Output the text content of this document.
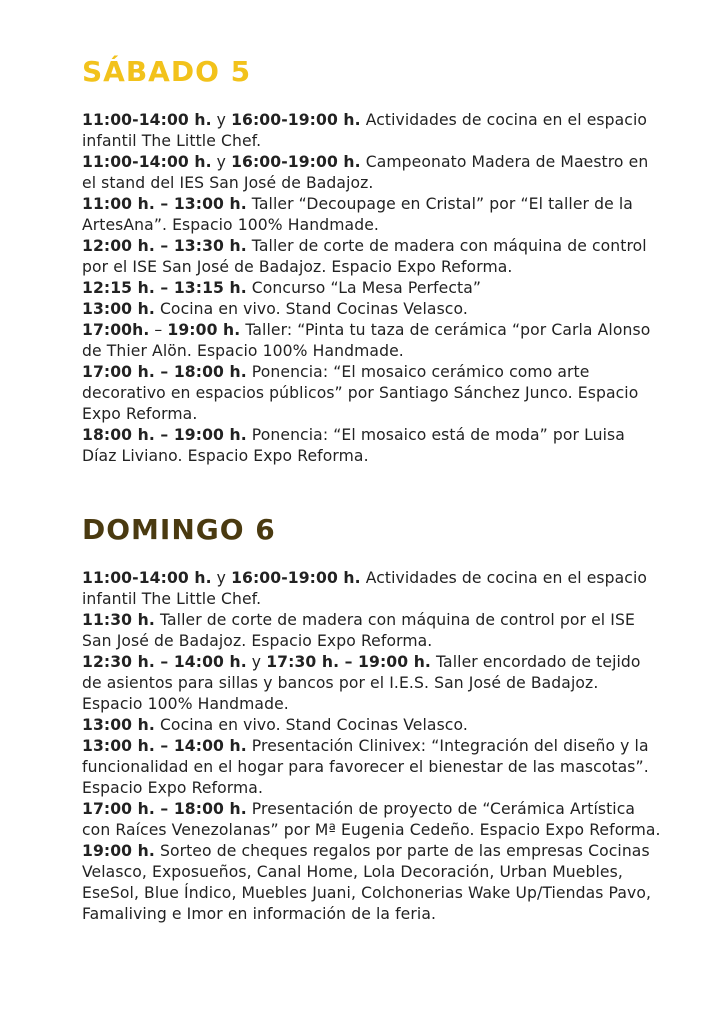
SÁBADO 5

11:00-14:00 h. y 16:00-19:00 h. Actividades de cocina en el espacio infantil The Little Chef.

11:00-14:00 h. y 16:00-19:00 h. Campeonato Madera de Maestro en el stand del IES San José de Badajoz.

11:00 h. – 13:00 h. Taller “Decoupage en Cristal” por “El taller de la ArtesAna”. Espacio 100% Handmade.

12:00 h. – 13:30 h. Taller de corte de madera con máquina de control por el ISE San José de Badajoz. Espacio Expo Reforma.

12:15 h. – 13:15 h. Concurso “La Mesa Perfecta”

13:00 h. Cocina en vivo. Stand Cocinas Velasco.

17:00h. – 19:00 h. Taller: “Pinta tu taza de cerámica “por Carla Alonso de Thier Alön. Espacio 100% Handmade.

17:00 h. – 18:00 h. Ponencia: “El mosaico cerámico como arte decorativo en espacios públicos” por Santiago Sánchez Junco. Espacio Expo Reforma.

18:00 h. – 19:00 h. Ponencia: “El mosaico está de moda” por Luisa Díaz Liviano. Espacio Expo Reforma.

DOMINGO 6

11:00-14:00 h. y 16:00-19:00 h. Actividades de cocina en el espacio infantil The Little Chef.

11:30 h. Taller de corte de madera con máquina de control por el ISE San José de Badajoz. Espacio Expo Reforma.

12:30 h. – 14:00 h. y 17:30 h. – 19:00 h. Taller encordado de tejido de asientos para sillas y bancos por el I.E.S. San José de Badajoz. Espacio 100% Handmade.

13:00 h. Cocina en vivo. Stand Cocinas Velasco.

13:00 h. – 14:00 h. Presentación Clinivex: “Integración del diseño y la funcionalidad en el hogar para favorecer el bienestar de las mascotas”. Espacio Expo Reforma.

17:00 h. – 18:00 h. Presentación de proyecto de “Cerámica Artística con Raíces Venezolanas” por Mª Eugenia Cedeño. Espacio Expo Reforma.

19:00 h. Sorteo de cheques regalos por parte de las empresas Cocinas Velasco, Exposueños, Canal Home, Lola Decoración, Urban Muebles, EseSol, Blue Índico, Muebles Juani, Colchonerias Wake Up/Tiendas Pavo, Famaliving e Imor en información de la feria.
